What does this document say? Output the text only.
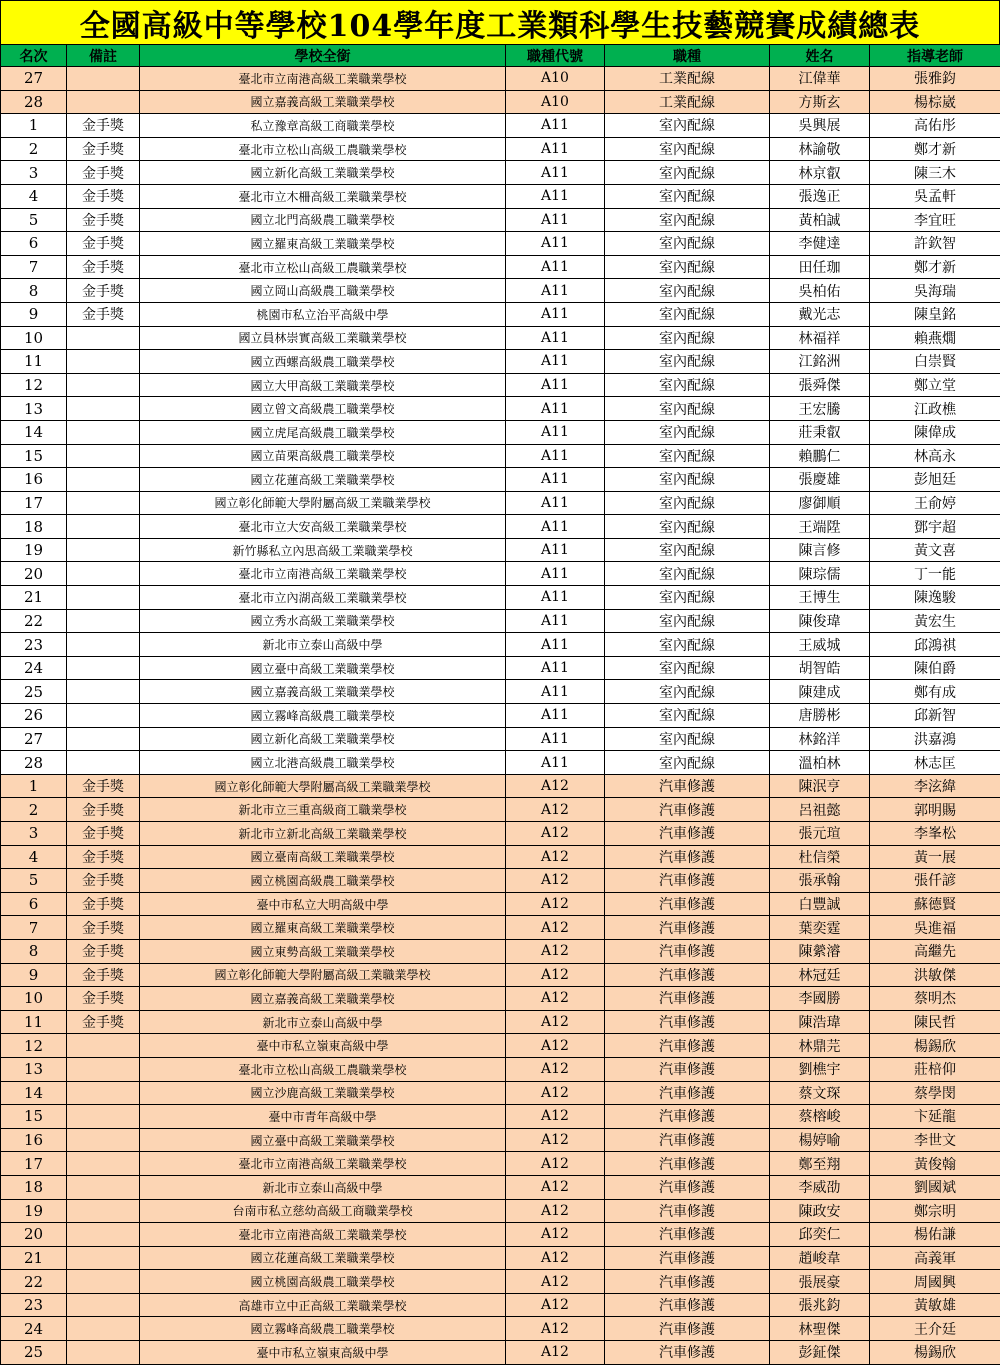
全國高級中等學校104學年度工業類科學生技藝競賽成績總表
名次	備註	學校全銜	職種代號	職種	姓名	指導老師
27		臺北市立南港高級工業職業學校	A10	工業配線	江偉華	張雅鈞
28		國立嘉義高級工業職業學校	A10	工業配線	方斯玄	楊棕崴
1	金手獎	私立豫章高級工商職業學校	A11	室內配線	吳興展	高佑彤
2	金手獎	臺北市立松山高級工農職業學校	A11	室內配線	林諭敬	鄭才新
3	金手獎	國立新化高級工業職業學校	A11	室內配線	林京叡	陳三木
4	金手獎	臺北市立木柵高級工業職業學校	A11	室內配線	張逸正	吳孟軒
5	金手獎	國立北門高級農工職業學校	A11	室內配線	黃柏誠	李宜旺
6	金手獎	國立羅東高級工業職業學校	A11	室內配線	李健達	許欽智
7	金手獎	臺北市立松山高級工農職業學校	A11	室內配線	田任珈	鄭才新
8	金手獎	國立岡山高級農工職業學校	A11	室內配線	吳柏佑	吳海瑞
9	金手獎	桃園市私立治平高級中學	A11	室內配線	戴光志	陳皇銘
10		國立員林崇實高級工業職業學校	A11	室內配線	林福祥	賴燕燗
11		國立西螺高級農工職業學校	A11	室內配線	江銘洲	白崇賢
12		國立大甲高級工業職業學校	A11	室內配線	張舜傑	鄭立堂
13		國立曾文高級農工職業學校	A11	室內配線	王宏騰	江政樵
14		國立虎尾高級農工職業學校	A11	室內配線	莊秉叡	陳偉成
15		國立苗栗高級農工職業學校	A11	室內配線	賴鵬仁	林高永
16		國立花蓮高級工業職業學校	A11	室內配線	張慶雄	彭旭廷
17		國立彰化師範大學附屬高級工業職業學校	A11	室內配線	廖御順	王俞婷
18		臺北市立大安高級工業職業學校	A11	室內配線	王端陞	鄧宇超
19		新竹縣私立內思高級工業職業學校	A11	室內配線	陳言修	黃文喜
20		臺北市立南港高級工業職業學校	A11	室內配線	陳琮儒	丁一能
21		臺北市立內湖高級工業職業學校	A11	室內配線	王博生	陳逸駿
22		國立秀水高級工業職業學校	A11	室內配線	陳俊瑋	黃宏生
23		新北市立泰山高級中學	A11	室內配線	王威城	邱鴻祺
24		國立臺中高級工業職業學校	A11	室內配線	胡智皓	陳伯爵
25		國立嘉義高級工業職業學校	A11	室內配線	陳建成	鄭有成
26		國立霧峰高級農工職業學校	A11	室內配線	唐勝彬	邱新智
27		國立新化高級工業職業學校	A11	室內配線	林銘洋	洪嘉鴻
28		國立北港高級農工職業學校	A11	室內配線	溫柏林	林志匡
1	金手獎	國立彰化師範大學附屬高級工業職業學校	A12	汽車修護	陳泯亨	李泫緯
2	金手獎	新北市立三重高級商工職業學校	A12	汽車修護	呂祖懿	郭明賜
3	金手獎	新北市立新北高級工業職業學校	A12	汽車修護	張元瑄	李峯松
4	金手獎	國立臺南高級工業職業學校	A12	汽車修護	杜信榮	黃一展
5	金手獎	國立桃園高級農工職業學校	A12	汽車修護	張承翰	張仟諺
6	金手獎	臺中市私立大明高級中學	A12	汽車修護	白豐誠	蘇德賢
7	金手獎	國立羅東高級工業職業學校	A12	汽車修護	葉奕霆	吳進福
8	金手獎	國立東勢高級工業職業學校	A12	汽車修護	陳縈濬	高繼先
9	金手獎	國立彰化師範大學附屬高級工業職業學校	A12	汽車修護	林冠廷	洪敏傑
10	金手獎	國立嘉義高級工業職業學校	A12	汽車修護	李國勝	蔡明杰
11	金手獎	新北市立泰山高級中學	A12	汽車修護	陳浩瑋	陳民哲
12		臺中市私立嶺東高級中學	A12	汽車修護	林鼎芫	楊錫欣
13		臺北市立松山高級工農職業學校	A12	汽車修護	劉樵宇	莊棓仰
14		國立沙鹿高級工業職業學校	A12	汽車修護	蔡文琛	蔡學閔
15		臺中市青年高級中學	A12	汽車修護	蔡榕峻	卞延龍
16		國立臺中高級工業職業學校	A12	汽車修護	楊婷喻	李世文
17		臺北市立南港高級工業職業學校	A12	汽車修護	鄭至翔	黃俊翰
18		新北市立泰山高級中學	A12	汽車修護	李威劭	劉國斌
19		台南市私立慈幼高級工商職業學校	A12	汽車修護	陳政安	鄭宗明
20		臺北市立南港高級工業職業學校	A12	汽車修護	邱奕仁	楊佑謙
21		國立花蓮高級工業職業學校	A12	汽車修護	趙峻韋	高義軍
22		國立桃園高級農工職業學校	A12	汽車修護	張展豪	周國興
23		高雄市立中正高級工業職業學校	A12	汽車修護	張兆鈞	黃敏雄
24		國立霧峰高級農工職業學校	A12	汽車修護	林聖傑	王介廷
25		臺中市私立嶺東高級中學	A12	汽車修護	彭鉦傑	楊錫欣
